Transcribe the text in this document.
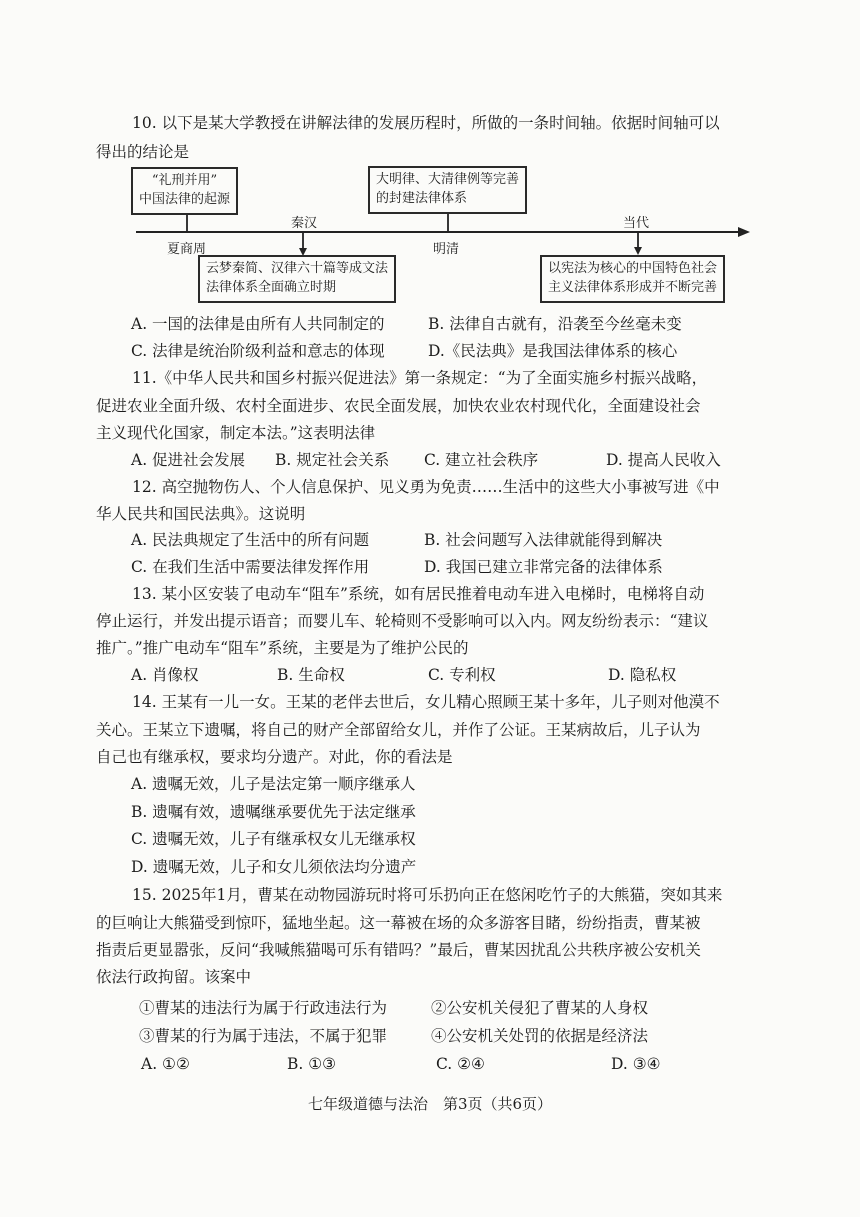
10. 以下是某大学教授在讲解法律的发展历程时，所做的一条时间轴。依据时间轴可以
得出的结论是
“礼刑并用”
中国法律的起源
大明律、大清律例等完善
的封建法律体系
云梦秦简、汉律六十篇等成文法
法律体系全面确立时期
以宪法为核心的中国特色社会
主义法律体系形成并不断完善
夏商周
秦汉
明清
当代
A. 一国的法律是由所有人共同制定的	B. 法律自古就有，沿袭至今丝毫未变
C. 法律是统治阶级利益和意志的体现	D.《民法典》是我国法律体系的核心
11.《中华人民共和国乡村振兴促进法》第一条规定：“为了全面实施乡村振兴战略，
促进农业全面升级、农村全面进步、农民全面发展，加快农业农村现代化，全面建设社会
主义现代化国家，制定本法。”这表明法律
A. 促进社会发展 B. 规定社会关系 C. 建立社会秩序	D. 提高人民收入
12. 高空抛物伤人、个人信息保护、见义勇为免责……生活中的这些大小事被写进《中
华人民共和国民法典》。这说明
A. 民法典规定了生活中的所有问题	B. 社会问题写入法律就能得到解决
C. 在我们生活中需要法律发挥作用	D. 我国已建立非常完备的法律体系
13. 某小区安装了电动车“阻车”系统，如有居民推着电动车进入电梯时，电梯将自动
停止运行，并发出提示语音；而婴儿车、轮椅则不受影响可以入内。网友纷纷表示：“建议
推广。”推广电动车“阻车”系统，主要是为了维护公民的
A. 肖像权	B. 生命权	C. 专利权	D. 隐私权
14. 王某有一儿一女。王某的老伴去世后，女儿精心照顾王某十多年，儿子则对他漠不
关心。王某立下遗嘱，将自己的财产全部留给女儿，并作了公证。王某病故后，儿子认为
自己也有继承权，要求均分遗产。对此，你的看法是
A. 遗嘱无效，儿子是法定第一顺序继承人
B. 遗嘱有效，遗嘱继承要优先于法定继承
C. 遗嘱无效，儿子有继承权女儿无继承权
D. 遗嘱无效，儿子和女儿须依法均分遗产
15. 2025年1月，曹某在动物园游玩时将可乐扔向正在悠闲吃竹子的大熊猫，突如其来
的巨响让大熊猫受到惊吓，猛地坐起。这一幕被在场的众多游客目睹，纷纷指责，曹某被
指责后更显嚣张，反问“我喊熊猫喝可乐有错吗？”最后，曹某因扰乱公共秩序被公安机关
依法行政拘留。该案中
①曹某的违法行为属于行政违法行为	②公安机关侵犯了曹某的人身权
③曹某的行为属于违法，不属于犯罪	④公安机关处罚的依据是经济法
A. ①②	B. ①③	C. ②④	D. ③④
七年级道德与法治　第3页（共6页）
